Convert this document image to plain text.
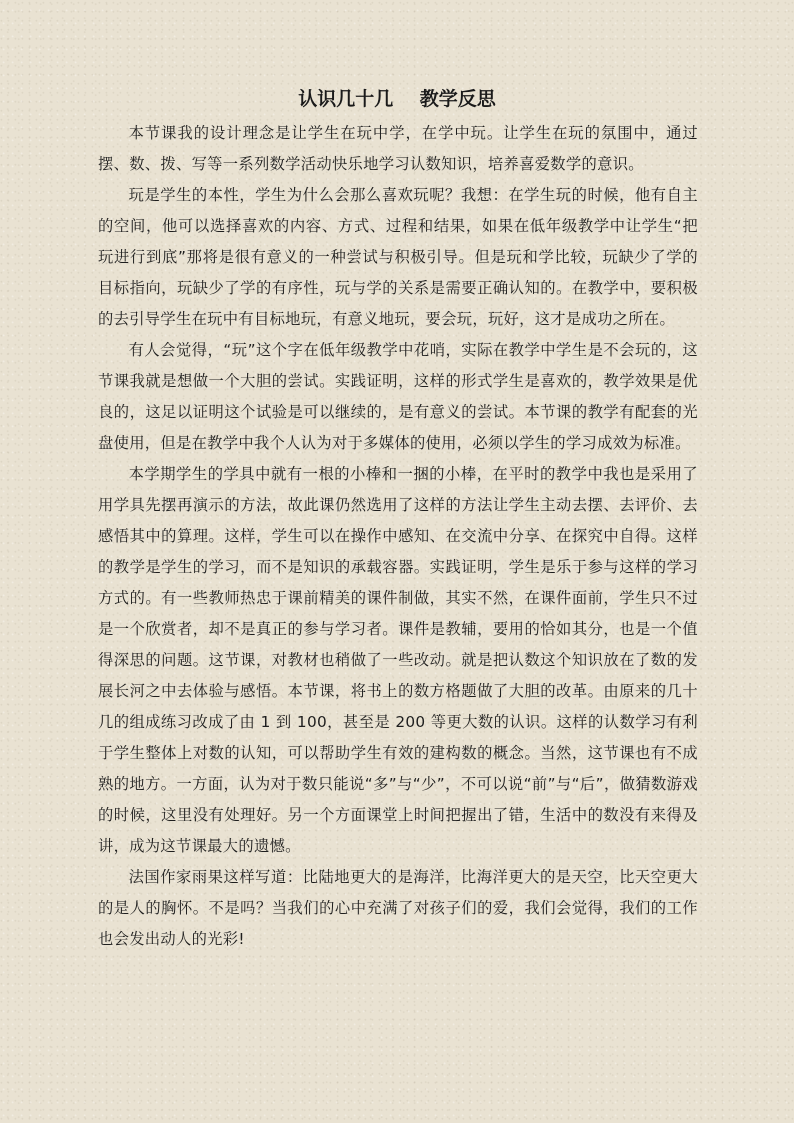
认识几十几    教学反思

本节课我的设计理念是让学生在玩中学，在学中玩。让学生在玩的氛围中，通过摆、数、拨、写等一系列数学活动快乐地学习认数知识，培养喜爱数学的意识。

玩是学生的本性，学生为什么会那么喜欢玩呢？我想：在学生玩的时候，他有自主的空间，他可以选择喜欢的内容、方式、过程和结果，如果在低年级教学中让学生“把玩进行到底”那将是很有意义的一种尝试与积极引导。但是玩和学比较，玩缺少了学的目标指向，玩缺少了学的有序性，玩与学的关系是需要正确认知的。在教学中，要积极的去引导学生在玩中有目标地玩，有意义地玩，要会玩，玩好，这才是成功之所在。

有人会觉得，“玩”这个字在低年级教学中花哨，实际在教学中学生是不会玩的，这节课我就是想做一个大胆的尝试。实践证明，这样的形式学生是喜欢的，教学效果是优良的，这足以证明这个试验是可以继续的，是有意义的尝试。本节课的教学有配套的光盘使用，但是在教学中我个人认为对于多媒体的使用，必须以学生的学习成效为标准。

本学期学生的学具中就有一根的小棒和一捆的小棒，在平时的教学中我也是采用了用学具先摆再演示的方法，故此课仍然选用了这样的方法让学生主动去摆、去评价、去感悟其中的算理。这样，学生可以在操作中感知、在交流中分享、在探究中自得。这样的教学是学生的学习，而不是知识的承载容器。实践证明，学生是乐于参与这样的学习方式的。有一些教师热忠于课前精美的课件制做，其实不然，在课件面前，学生只不过是一个欣赏者，却不是真正的参与学习者。课件是教辅，要用的恰如其分，也是一个值得深思的问题。这节课，对教材也稍做了一些改动。就是把认数这个知识放在了数的发展长河之中去体验与感悟。本节课，将书上的数方格题做了大胆的改革。由原来的几十几的组成练习改成了由 1 到 100，甚至是 200 等更大数的认识。这样的认数学习有利于学生整体上对数的认知，可以帮助学生有效的建构数的概念。当然，这节课也有不成熟的地方。一方面，认为对于数只能说“多”与“少”，不可以说“前”与“后”，做猜数游戏的时候，这里没有处理好。另一个方面课堂上时间把握出了错，生活中的数没有来得及讲，成为这节课最大的遗憾。

法国作家雨果这样写道：比陆地更大的是海洋，比海洋更大的是天空，比天空更大的是人的胸怀。不是吗？当我们的心中充满了对孩子们的爱，我们会觉得，我们的工作也会发出动人的光彩!
